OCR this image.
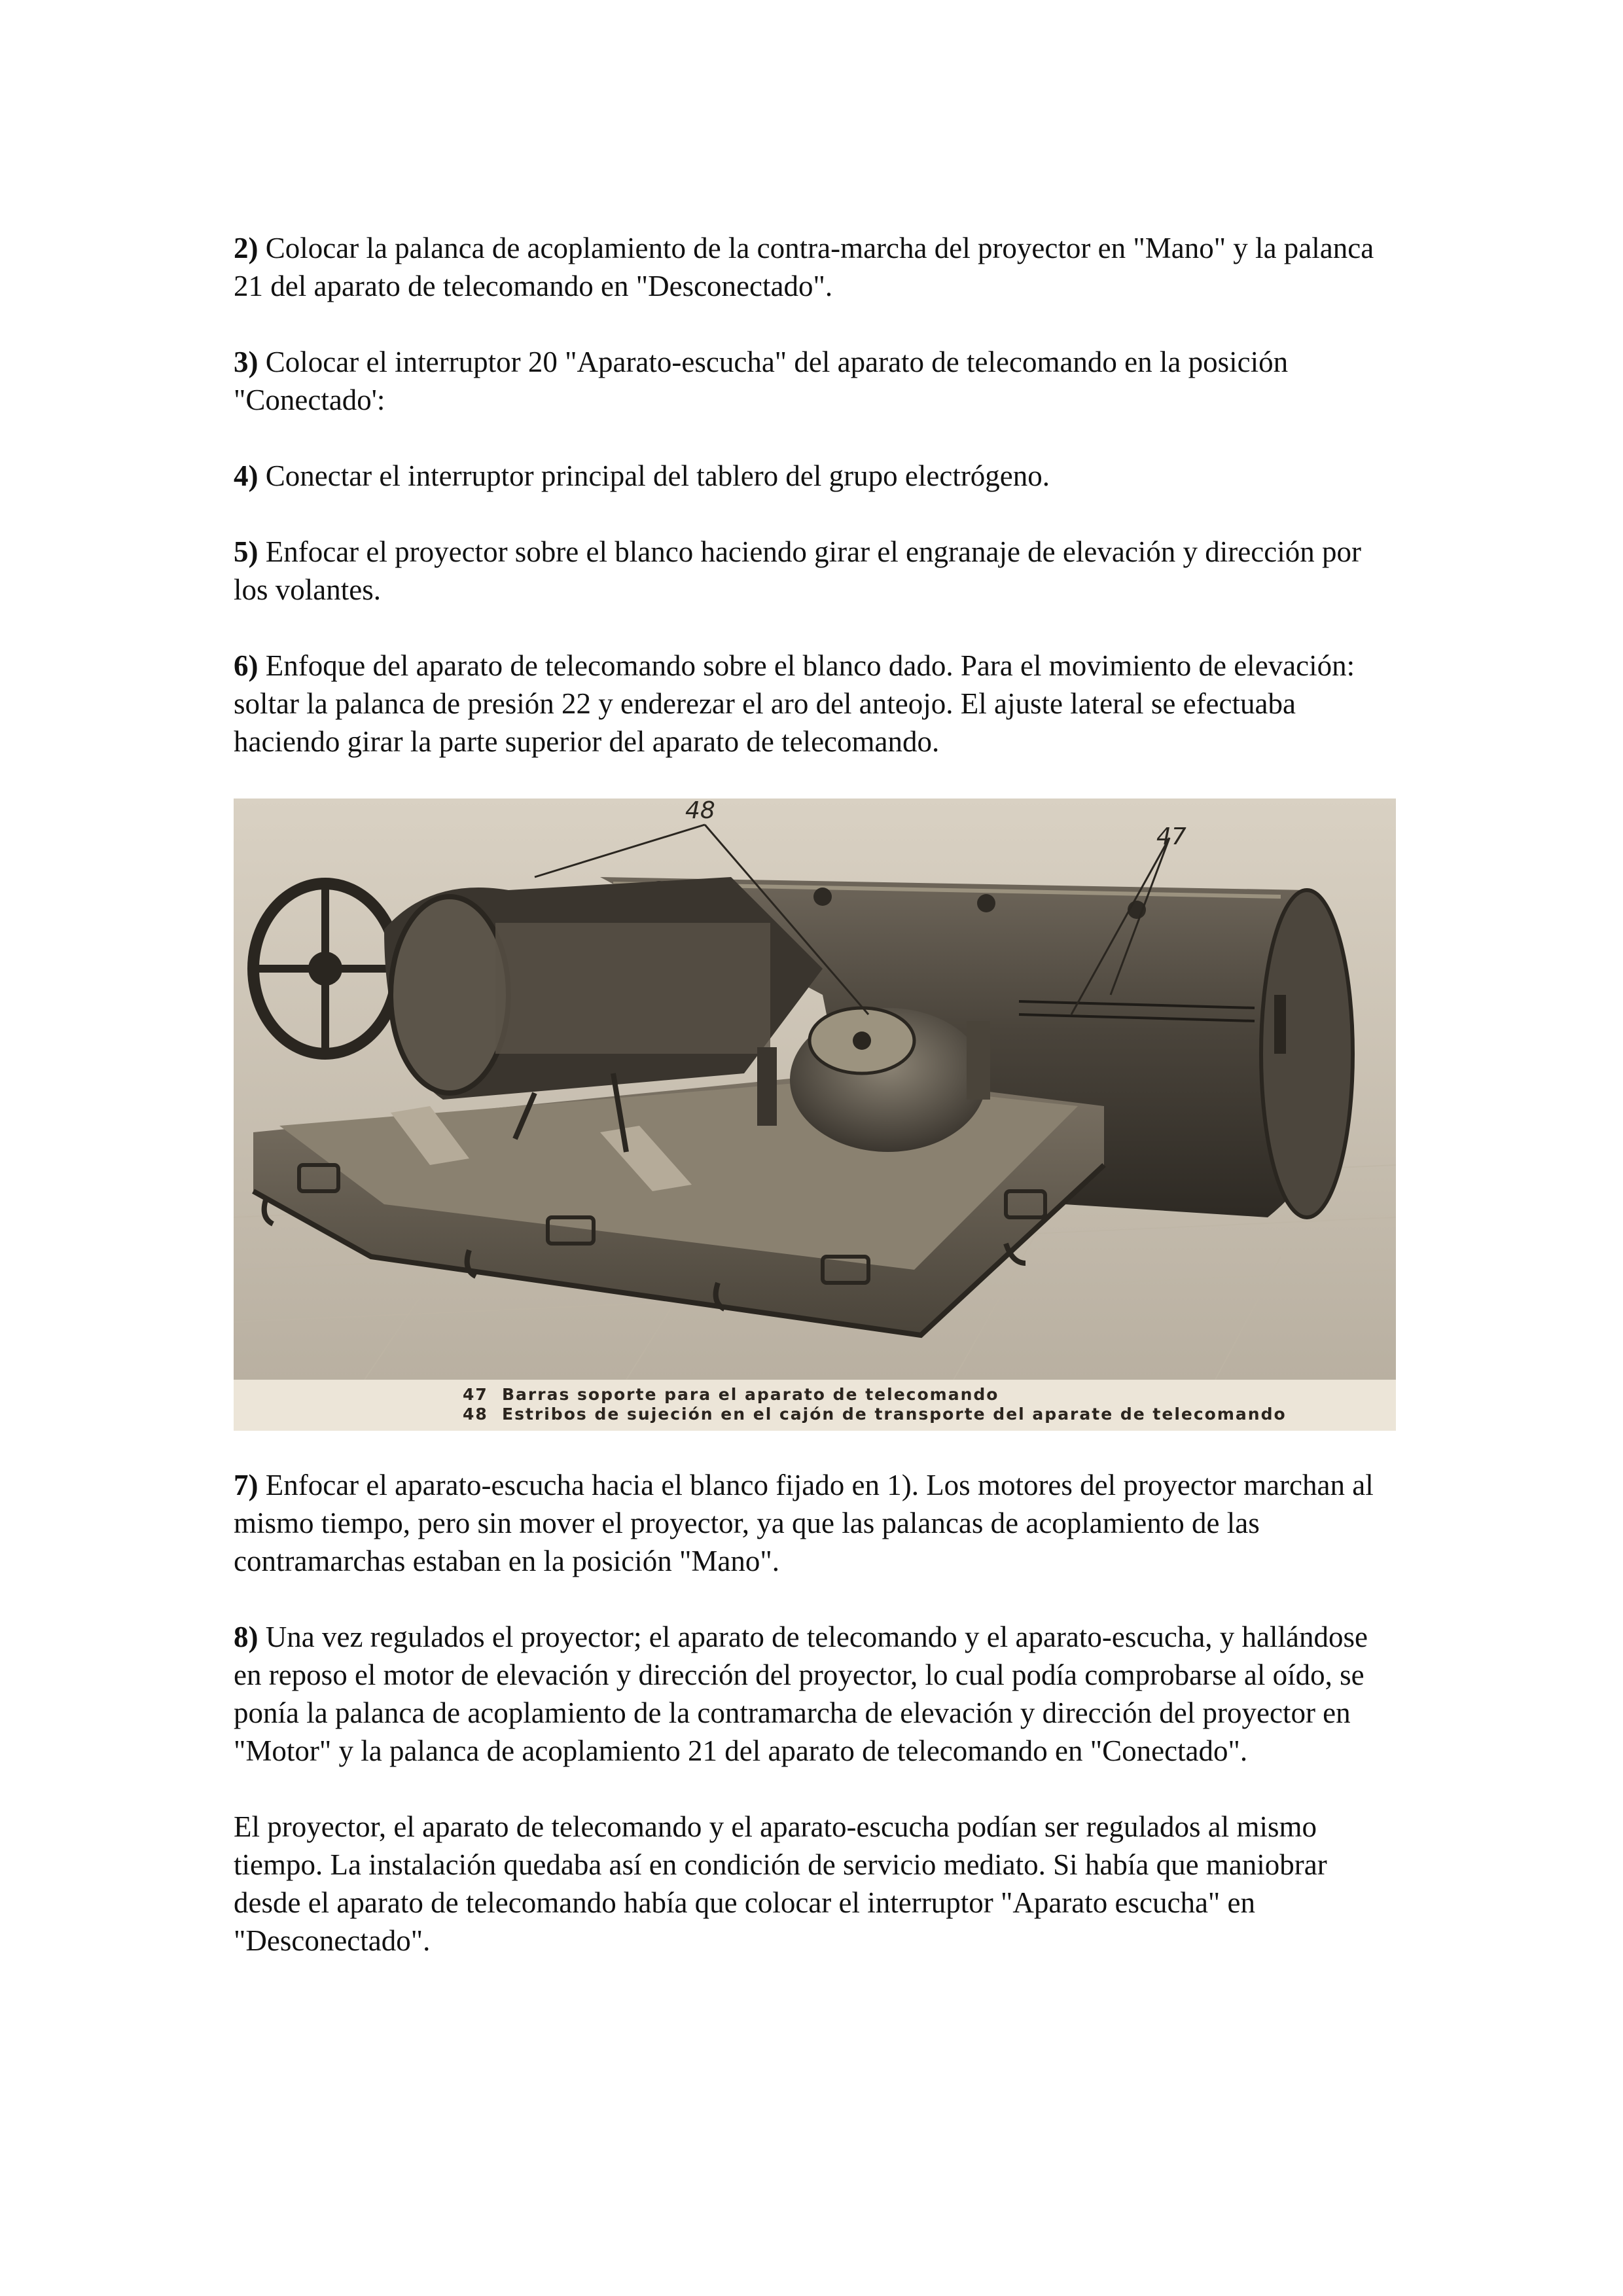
2) Colocar la palanca de acoplamiento de la contra-marcha del proyector en "Mano" y la palanca 21 del aparato de telecomando en "Desconectado".
3) Colocar el interruptor 20 "Aparato-escucha" del aparato de telecomando en la posición "Conectado':
4) Conectar el interruptor principal del tablero del grupo electrógeno.
5) Enfocar el proyector sobre el blanco haciendo girar el engranaje de elevación y dirección por los volantes.
6) Enfoque del aparato de telecomando sobre el blanco dado. Para el movimiento de elevación: soltar la palanca de presión 22 y enderezar el aro del anteojo. El ajuste lateral se efectuaba haciendo girar la parte superior del aparato de telecomando.
48
47
47 Barras soporte para el aparato de telecomando
48 Estribos de sujeción en el cajón de transporte del aparate de telecomando
7) Enfocar el aparato-escucha hacia el blanco fijado en 1). Los motores del proyector marchan al mismo tiempo, pero sin mover el proyector, ya que las palancas de acoplamiento de las contramarchas estaban en la posición "Mano".
8) Una vez regulados el proyector; el aparato de telecomando y el aparato-escucha, y hallándose en reposo el motor de elevación y dirección del proyector, lo cual podía comprobarse al oído, se ponía la palanca de acoplamiento de la contramarcha de elevación y dirección del proyector en "Motor" y la palanca de acoplamiento 21 del aparato de telecomando en "Conectado".
El proyector, el aparato de telecomando y el aparato-escucha podían ser regulados al mismo tiempo. La instalación quedaba así en condición de servicio mediato. Si había que maniobrar desde el aparato de telecomando había que colocar el interruptor "Aparato escucha" en "Desconectado".
